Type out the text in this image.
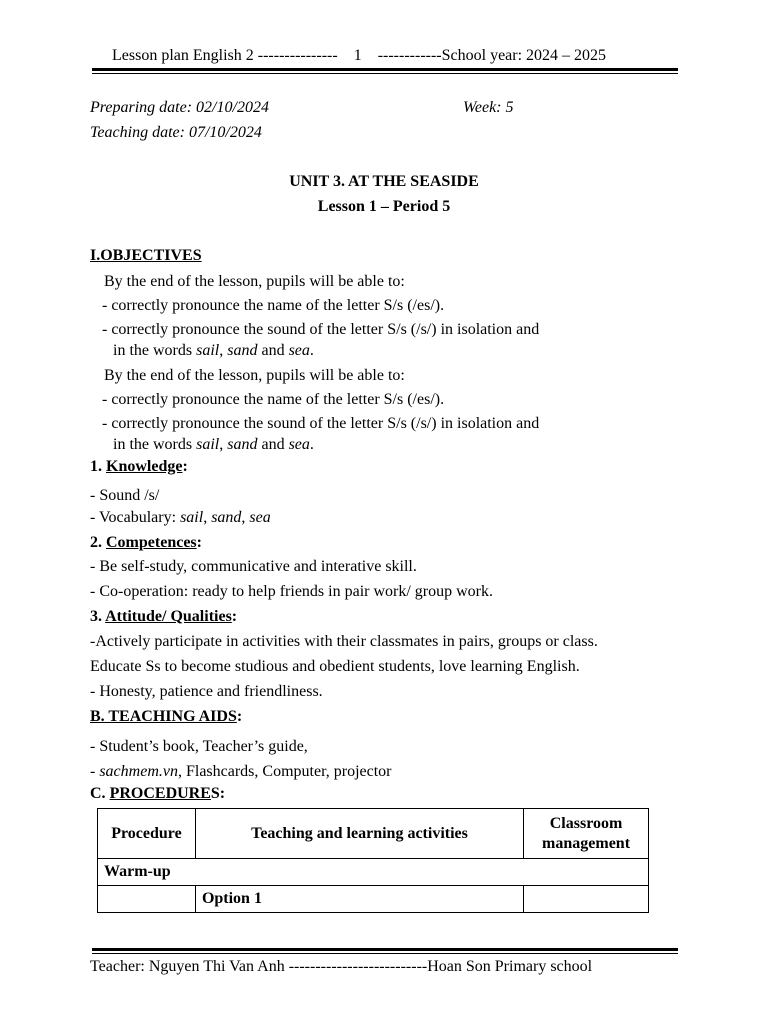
Lesson plan English 2 --------------- 1 ------------School year: 2024 – 2025
Preparing date: 02/10/2024	Week: 5
Teaching date: 07/10/2024
UNIT 3. AT THE SEASIDE
Lesson 1 – Period 5
I.OBJECTIVES
By the end of the lesson, pupils will be able to:
- correctly pronounce the name of the letter S/s (/es/).
- correctly pronounce the sound of the letter S/s (/s/) in isolation and
in the words sail, sand and sea.
By the end of the lesson, pupils will be able to:
- correctly pronounce the name of the letter S/s (/es/).
- correctly pronounce the sound of the letter S/s (/s/) in isolation and
in the words sail, sand and sea.
1. Knowledge:
- Sound /s/
- Vocabulary: sail, sand, sea
2. Competences:
- Be self-study, communicative and interative skill.
- Co-operation: ready to help friends in pair work/ group work.
3. Attitude/ Qualities:
-Actively participate in activities with their classmates in pairs, groups or class.
Educate Ss to become studious and obedient students, love learning English.
- Honesty, patience and friendliness.
B. TEACHING AIDS:
- Student’s book, Teacher’s guide,
- sachmem.vn, Flashcards, Computer, projector
C. PROCEDURES:
Procedure	Teaching and learning activities	Classroom
management
Warm-up		
	Option 1	
Teacher: Nguyen Thi Van Anh --------------------------Hoan Son Primary school
